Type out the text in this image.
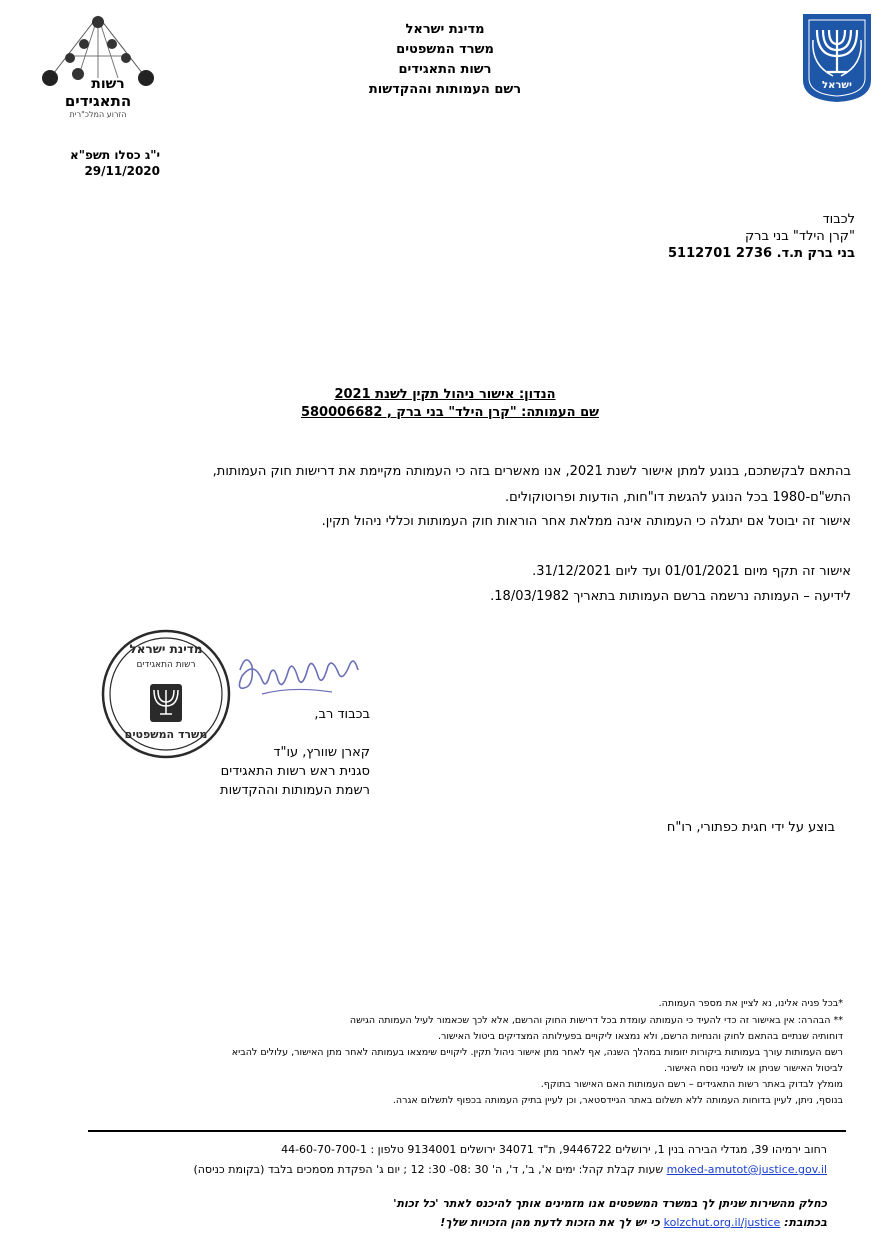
רשות
התאגידים
הזרוע המלכ"רית
מדינת ישראל
משרד המשפטים
רשות התאגידים
רשם העמותות וההקדשות	ישראל
י"ג כסלו תשפ"א
29/11/2020
לכבוד
"קרן הילד" בני ברק
בני ברק ת.ד. 2736 5112701
הנדון: אישור ניהול תקין לשנת 2021
שם העמותה: "קרן הילד" בני ברק , 580006682
בהתאם לבקשתכם, בנוגע למתן אישור לשנת 2021, אנו מאשרים בזה כי העמותה מקיימת את דרישות חוק העמותות,
התש"ם-1980 בכל הנוגע להגשת דו"חות, הודעות ופרוטוקולים.
אישור זה יבוטל אם יתגלה כי העמותה אינה ממלאת אחר הוראות חוק העמותות וכללי ניהול תקין.
אישור זה תקף מיום 01/01/2021 ועד ליום 31/12/2021.
לידיעה – העמותה נרשמה ברשם העמותות בתאריך 18/03/1982.
מדינת ישראל
רשות התאגידים
משרד המשפטים
בכבוד רב,
קארן שוורץ, עו"ד
סגנית ראש רשות התאגידים
רשמת העמותות וההקדשות
בוצע על ידי חגית כפתורי, רו"ח
*בכל פניה אלינו, נא לציין את מספר העמותה.
** הבהרה: אין באישור זה כדי להעיד כי העמותה עומדת בכל דרישות החוק והרשם, אלא לכך שכאמור לעיל העמותה הגישה
דוחותיה שנתיים בהתאם לחוק והנחיות הרשם, ולא נמצאו ליקויים בפעילותה המצדיקים ביטול האישור.
רשם העמותות עורך בעמותות ביקורות יזומות במהלך השנה, אף לאחר מתן אישור ניהול תקין. ליקויים שימצאו בעמותה לאחר מתן האישור, עלולים להביא
לביטול האישור שניתן או לשינוי נוסח האישור.
מומלץ לבדוק באתר רשות התאגידים – רשם העמותות האם האישור בתוקף.
בנוסף, ניתן, לעיין בדוחות העמותה ללא תשלום באתר הגיידסטאר, וכן לעיין בתיק העמותה בכפוף לתשלום אגרה.
רחוב ירמיהו 39, מגדלי הבירה בנין 1, ירושלים 9446722, ת"ד 34071 ירושלים 9134001 טלפון : 44-60-70-700-1
moked-amutot@justice.gov.il שעות קבלת קהל: ימים א', ב', ד', ה' 30 :08- 30: 12 ; יום ג' הפקדת מסמכים בלבד (בקומת כניסה)
כחלק מהשירות שניתן לך במשרד המשפטים אנו מזמינים אותך להיכנס לאתר 'כל זכות'
בכתובת: kolzchut.org.il/justice כי יש לך את הזכות לדעת מהן הזכויות שלך!
